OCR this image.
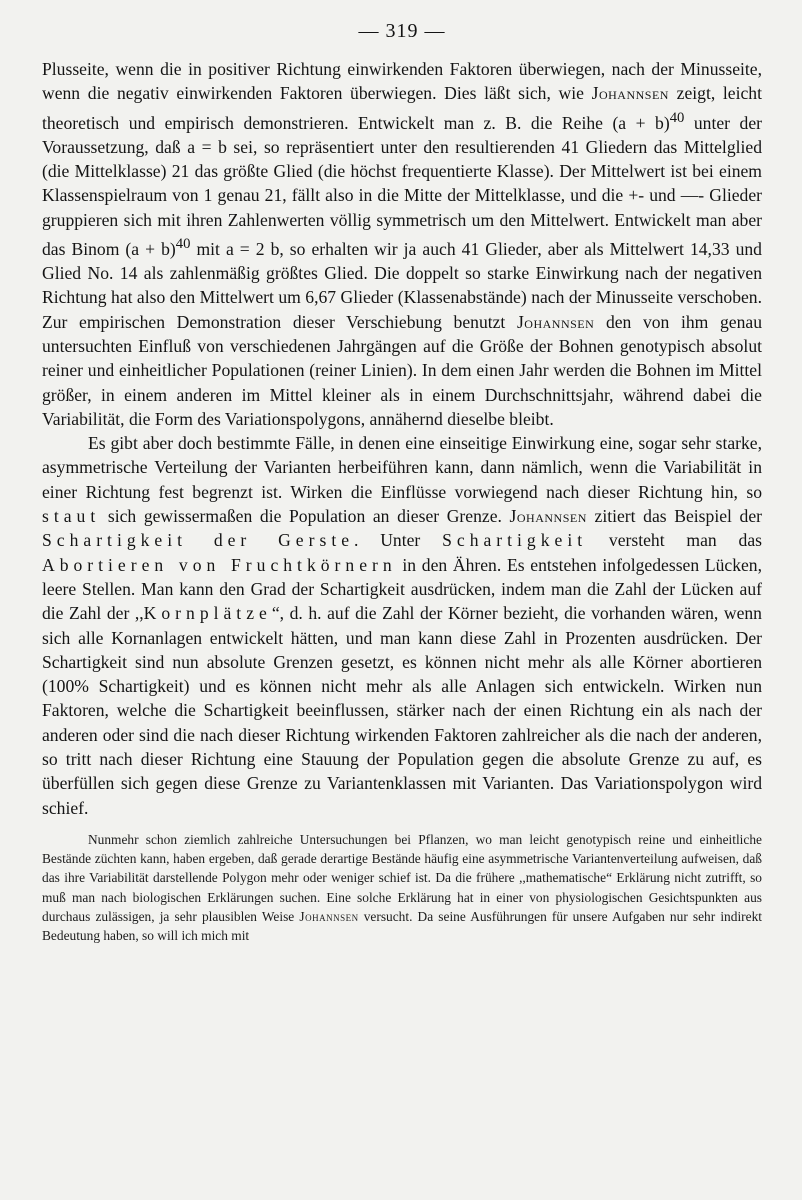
— 319 —

Plusseite, wenn die in positiver Richtung einwirkenden Faktoren überwiegen, nach der Minusseite, wenn die negativ einwirkenden Faktoren überwiegen. Dies läßt sich, wie Johannsen zeigt, leicht theoretisch und empirisch demonstrieren. Entwickelt man z. B. die Reihe $(a + b)^{40}$ unter der Voraussetzung, daß a = b sei, so repräsentiert unter den resultierenden 41 Gliedern das Mittelglied (die Mittelklasse) 21 das größte Glied (die höchst frequentierte Klasse). Der Mittelwert ist bei einem Klassenspielraum von 1 genau 21, fällt also in die Mitte der Mittelklasse, und die +- und —- Glieder gruppieren sich mit ihren Zahlenwerten völlig symmetrisch um den Mittelwert. Entwickelt man aber das Binom $(a + b)^{40}$ mit a = 2 b, so erhalten wir ja auch 41 Glieder, aber als Mittelwert 14,33 und Glied No. 14 als zahlenmäßig größtes Glied. Die doppelt so starke Einwirkung nach der negativen Richtung hat also den Mittelwert um 6,67 Glieder (Klassenabstände) nach der Minusseite verschoben. Zur empirischen Demonstration dieser Verschiebung benutzt Johannsen den von ihm genau untersuchten Einfluß von verschiedenen Jahrgängen auf die Größe der Bohnen genotypisch absolut reiner und einheitlicher Populationen (reiner Linien). In dem einen Jahr werden die Bohnen im Mittel größer, in einem anderen im Mittel kleiner als in einem Durchschnittsjahr, während dabei die Variabilität, die Form des Variationspolygons, annähernd dieselbe bleibt.

Es gibt aber doch bestimmte Fälle, in denen eine einseitige Einwirkung eine, sogar sehr starke, asymmetrische Verteilung der Varianten herbeiführen kann, dann nämlich, wenn die Variabilität in einer Richtung fest begrenzt ist. Wirken die Einflüsse vorwiegend nach dieser Richtung hin, so staut sich gewissermaßen die Population an dieser Grenze. Johannsen zitiert das Beispiel der Schartigkeit der Gerste. Unter Schartigkeit versteht man das Abortieren von Fruchtkörnern in den Ähren. Es entstehen infolgedessen Lücken, leere Stellen. Man kann den Grad der Schartigkeit ausdrücken, indem man die Zahl der Lücken auf die Zahl der ,,Kornplätze“, d. h. auf die Zahl der Körner bezieht, die vorhanden wären, wenn sich alle Kornanlagen entwickelt hätten, und man kann diese Zahl in Prozenten ausdrücken. Der Schartigkeit sind nun absolute Grenzen gesetzt, es können nicht mehr als alle Körner abortieren (100% Schartigkeit) und es können nicht mehr als alle Anlagen sich entwickeln. Wirken nun Faktoren, welche die Schartigkeit beeinflussen, stärker nach der einen Richtung ein als nach der anderen oder sind die nach dieser Richtung wirkenden Faktoren zahlreicher als die nach der anderen, so tritt nach dieser Richtung eine Stauung der Population gegen die absolute Grenze zu auf, es überfüllen sich gegen diese Grenze zu Variantenklassen mit Varianten. Das Variationspolygon wird schief.

Nunmehr schon ziemlich zahlreiche Untersuchungen bei Pflanzen, wo man leicht genotypisch reine und einheitliche Bestände züchten kann, haben ergeben, daß gerade derartige Bestände häufig eine asymmetrische Variantenverteilung aufweisen, daß das ihre Variabilität darstellende Polygon mehr oder weniger schief ist. Da die frühere ,,mathematische“ Erklärung nicht zutrifft, so muß man nach biologischen Erklärungen suchen. Eine solche Erklärung hat in einer von physiologischen Gesichtspunkten aus durchaus zulässigen, ja sehr plausiblen Weise Johannsen versucht. Da seine Ausführungen für unsere Aufgaben nur sehr indirekt Bedeutung haben, so will ich mich mit
